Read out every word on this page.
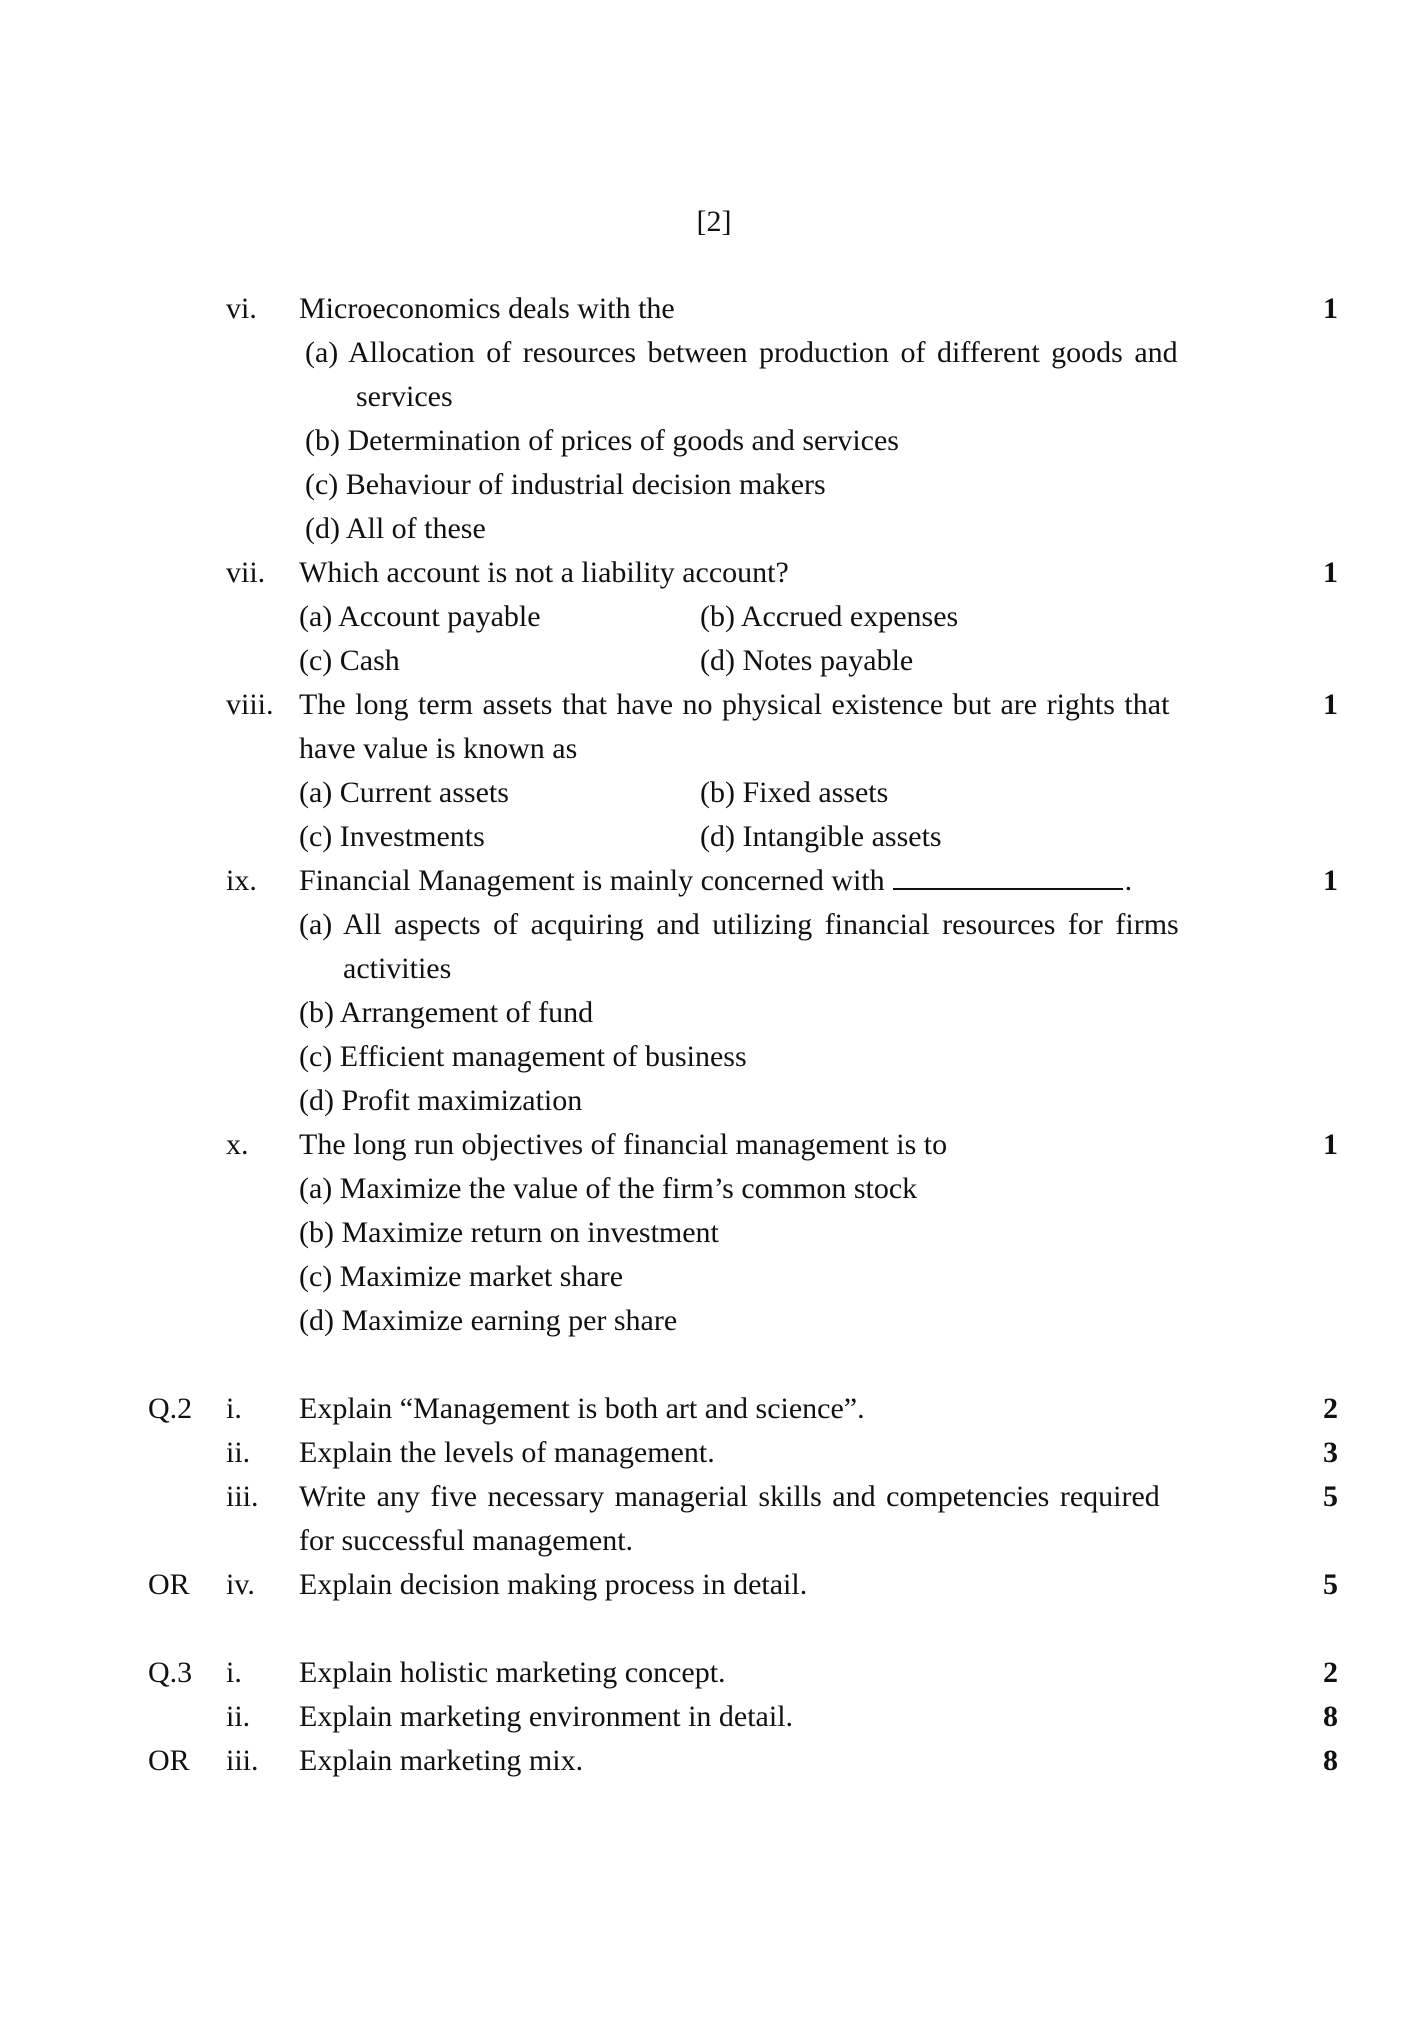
[2]
vi.	Microeconomics deals with the	1
(a) Allocation of resources between production of different goods and
services
(b) Determination of prices of goods and services
(c) Behaviour of industrial decision makers
(d) All of these
vii.	Which account is not a liability account?	1
(a) Account payable	(b) Accrued expenses
(c) Cash	(d) Notes payable
viii. The long term assets that have no physical existence but are rights that	1
have value is known as
(a) Current assets	(b) Fixed assets
(c) Investments	(d) Intangible assets
ix.	Financial Management is mainly concerned with	.	1
(a) All aspects of acquiring and utilizing financial resources for firms
activities
(b) Arrangement of fund
(c) Efficient management of business
(d) Profit maximization
x.	The long run objectives of financial management is to	1
(a) Maximize the value of the firm’s common stock
(b) Maximize return on investment
(c) Maximize market share
(d) Maximize earning per share
Q.2	i.	Explain “Management is both art and science”.	2
ii.	Explain the levels of management.	3
iii.	Write any five necessary managerial skills and competencies required	5
for successful management.
OR	iv.	Explain decision making process in detail.	5
Q.3	i.	Explain holistic marketing concept.	2
ii.	Explain marketing environment in detail.	8
OR	iii.	Explain marketing mix.	8
